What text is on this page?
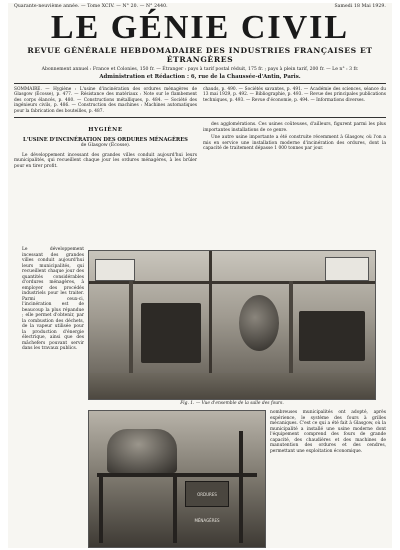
Quarante-neuvième année. — Tome XCIV. — N° 20. — N° 2440.	Samedi 18 Mai 1929.
LE GÉNIE CIVIL
REVUE GÉNÉRALE HEBDOMADAIRE DES INDUSTRIES FRANÇAISES ET ÉTRANGÈRES
Abonnement annuel : France et Colonies, 150 fr. — Étranger : pays à tarif postal réduit, 175 fr. ; pays à plein tarif, 200 fr. — Le n° : 3 fr.
Administration et Rédaction : 6, rue de la Chaussée-d'Antin, Paris.
SOMMAIRE. — Hygiène : L'usine d'incinération des ordures ménagères de Glasgow (Écosse), p. 477. — Résistance des matériaux : Note sur le flambement des corps élancés, p. 480. — Constructions métalliques, p. 484. — Société des ingénieurs civils, p. 486. — Construction des machines : Machines automatiques pour la fabrication des bouteilles, p. 487.
chauds, p. 490. — Sociétés savantes, p. 491. — Académie des sciences, séance du 13 mai 1929, p. 492. — Bibliographie, p. 493. — Revue des principales publications techniques, p. 493. — Revue d'économie, p. 494. — Informations diverses.
HYGIÈNE
L'USINE D'INCINÉRATION DES ORDURES MÉNAGÈRES
de Glasgow (Écosse).
Le développement incessant des grandes villes conduit aujourd'hui leurs municipalités, qui recueillent chaque jour les ordures ménagères, à les brûler pour en tirer profit.
des agglomérations. Ces usines coûteuses, d'ailleurs, figurent parmi les plus importantes installations de ce genre.
Une autre usine importante a été construite récemment à Glasgow, où l'on a mis en service une installation moderne d'incinération des ordures, dont la capacité de traitement dépasse 1 000 tonnes par jour.
Le développement incessant des grandes villes conduit aujourd'hui leurs municipalités, qui recueillent chaque jour des quantités considérables d'ordures ménagères, à employer des procédés industriels pour les traiter. Parmi ceux-ci, l'incinération est de beaucoup la plus répandue ; elle permet d'obtenir, par la combustion des déchets, de la vapeur utilisée pour la production d'énergie électrique, ainsi que des mâchefers pouvant servir dans les travaux publics.
Fig. 1. — Vue d'ensemble de la salle des fours.
ORDURES MÉNAGÈRES
nombreuses municipalités ont adopté, après expérience, le système des fours à grilles mécaniques. C'est ce qui a été fait à Glasgow, où la municipalité a installé une usine moderne dont l'équipement comprend des fours de grande capacité, des chaudières et des machines de manutention des ordures et des cendres, permettant une exploitation économique.
